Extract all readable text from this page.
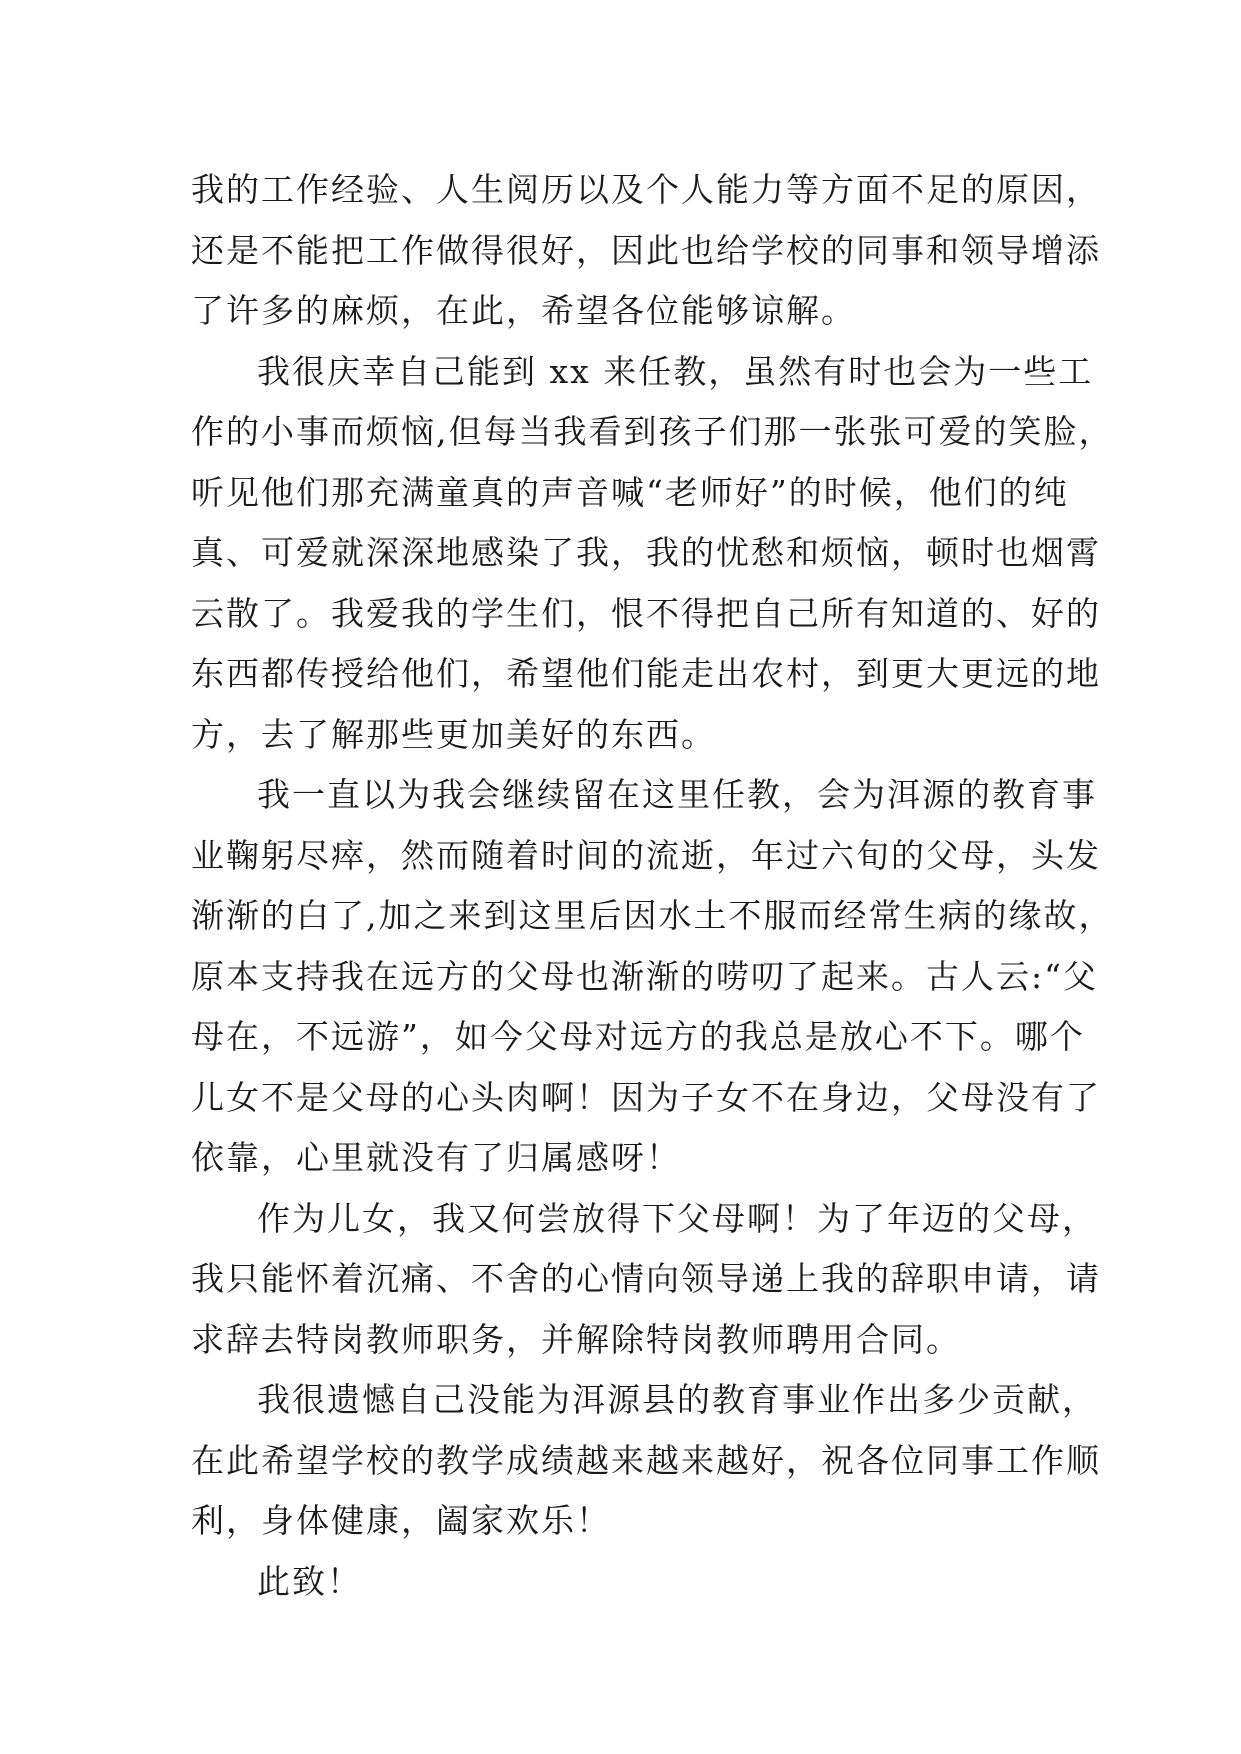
我的工作经验、人生阅历以及个人能力等方面不足的原因，
还是不能把工作做得很好，因此也给学校的同事和领导增添
了许多的麻烦，在此，希望各位能够谅解。

我很庆幸自己能到 xx 来任教，虽然有时也会为一些工
作的小事而烦恼,但每当我看到孩子们那一张张可爱的笑脸，
听见他们那充满童真的声音喊“老师好”的时候，他们的纯
真、可爱就深深地感染了我，我的忧愁和烦恼，顿时也烟霄
云散了。我爱我的学生们，恨不得把自己所有知道的、好的
东西都传授给他们，希望他们能走出农村，到更大更远的地
方，去了解那些更加美好的东西。

我一直以为我会继续留在这里任教，会为洱源的教育事
业鞠躬尽瘁，然而随着时间的流逝，年过六旬的父母，头发
渐渐的白了,加之来到这里后因水土不服而经常生病的缘故，
原本支持我在远方的父母也渐渐的唠叨了起来。古人云:“父
母在，不远游”，如今父母对远方的我总是放心不下。哪个
儿女不是父母的心头肉啊！因为子女不在身边，父母没有了
依靠，心里就没有了归属感呀！

作为儿女，我又何尝放得下父母啊！为了年迈的父母，
我只能怀着沉痛、不舍的心情向领导递上我的辞职申请，请
求辞去特岗教师职务，并解除特岗教师聘用合同。

我很遗憾自己没能为洱源县的教育事业作出多少贡献，
在此希望学校的教学成绩越来越来越好，祝各位同事工作顺
利，身体健康，阖家欢乐！

此致！
